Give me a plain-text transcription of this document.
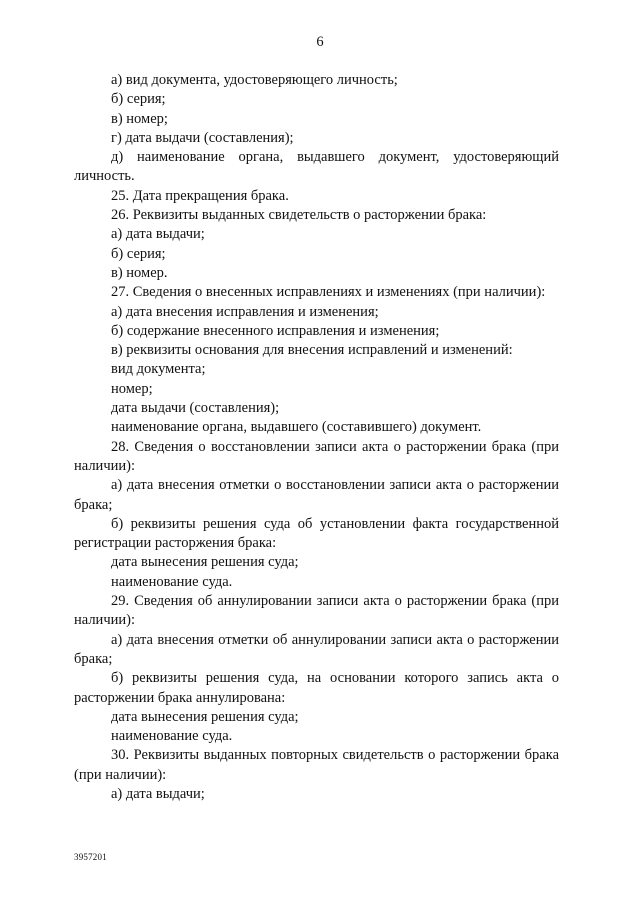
6

а) вид документа, удостоверяющего личность;

б) серия;

в) номер;

г) дата выдачи (составления);

д) наименование органа, выдавшего документ, удостоверяющий личность.

25. Дата прекращения брака.

26. Реквизиты выданных свидетельств о расторжении брака:

а) дата выдачи;

б) серия;

в) номер.

27. Сведения о внесенных исправлениях и изменениях (при наличии):

а) дата внесения исправления и изменения;

б) содержание внесенного исправления и изменения;

в) реквизиты основания для внесения исправлений и изменений:

вид документа;

номер;

дата выдачи (составления);

наименование органа, выдавшего (составившего) документ.

28. Сведения о восстановлении записи акта о расторжении брака (при наличии):

а) дата внесения отметки о восстановлении записи акта о расторжении брака;

б) реквизиты решения суда об установлении факта государственной регистрации расторжения брака:

дата вынесения решения суда;

наименование суда.

29. Сведения об аннулировании записи акта о расторжении брака (при наличии):

а) дата внесения отметки об аннулировании записи акта о расторжении брака;

б) реквизиты решения суда, на основании которого запись акта о расторжении брака аннулирована:

дата вынесения решения суда;

наименование суда.

30. Реквизиты выданных повторных свидетельств о расторжении брака (при наличии):

а) дата выдачи;

3957201
